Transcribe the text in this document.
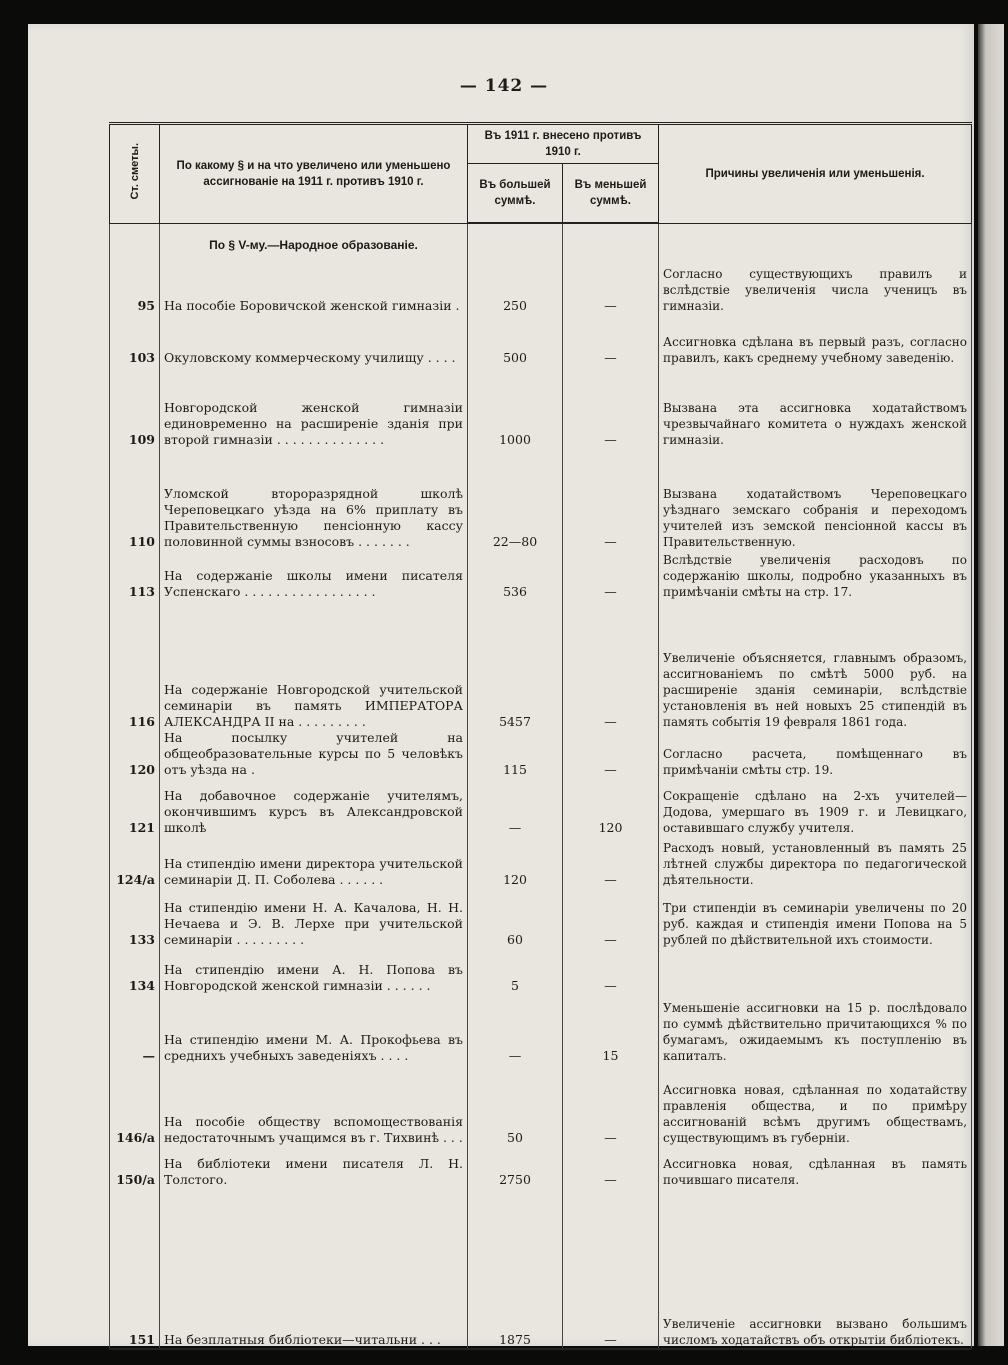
— 142 —
Ст. сметы.	По какому § и на что увеличено или уменьшено ассигнованіе на 1911 г. противъ 1910 г.	Въ 1911 г. внесено противъ 1910 г.		Причины увеличенія или уменьшенія.
		Въ большей суммѣ.	Въ меньшей суммѣ.	
	По § V-му.—Народное образованіе.			
95	На пособіе Боровичской женской гимназіи .	250	—	Согласно существующихъ правилъ и вслѣдствіе увеличенія числа ученицъ въ гимназіи.
103	Окуловскому коммерческому училищу . . . .	500	—	Ассигновка сдѣлана въ первый разъ, согласно правилъ, какъ среднему учебному заведенію.
109	Новгородской женской гимназіи единовременно на расширеніе зданія при второй гимназіи . . . . . . . . . . . . . .	1000	—	Вызвана эта ассигновка ходатайствомъ чрезвычайнаго комитета о нуждахъ женской гимназіи.
110	Уломской второразрядной школѣ Череповецкаго уѣзда на 6% приплату въ Правительственную пенсіонную кассу половинной суммы взносовъ . . . . . . .	22—80	—	Вызвана ходатайствомъ Череповецкаго уѣзднаго земскаго собранія и переходомъ учителей изъ земской пенсіонной кассы въ Правительственную.
113	На содержаніе школы имени писателя Успенскаго . . . . . . . . . . . . . . . . .	536	—	Вслѣдствіе увеличенія расходовъ по содержанію школы, подробно указанныхъ въ примѣчаніи смѣты на стр. 17.
116	На содержаніе Новгородской учительской семинаріи въ память ИМПЕРАТОРА АЛЕКСАНДРА II на . . . . . . . . .	5457	—	Увеличеніе объясняется, главнымъ образомъ, ассигнованіемъ по смѣтѣ 5000 руб. на расширеніе зданія семинаріи, вслѣдствіе установленія въ ней новыхъ 25 стипендій въ память событія 19 февраля 1861 года.
120	На посылку учителей на общеобразовательные курсы по 5 человѣкъ отъ уѣзда на .	115	—	Согласно расчета, помѣщеннаго въ примѣчаніи смѣты стр. 19.
121	На добавочное содержаніе учителямъ, окончившимъ курсъ въ Александровской школѣ	—	120	Сокращеніе сдѣлано на 2-хъ учителей—Додова, умершаго въ 1909 г. и Левицкаго, оставившаго службу учителя.
124/а	На стипендію имени директора учительской семинаріи Д. П. Соболева . . . . . .	120	—	Расходъ новый, установленный въ память 25 лѣтней службы директора по педагогической дѣятельности.
133	На стипендію имени Н. А. Качалова, Н. Н. Нечаева и Э. В. Лерхе при учительской семинаріи . . . . . . . . .	60	—	Три стипендіи въ семинаріи увеличены по 20 руб. каждая и стипендія имени Попова на 5 рублей по дѣйствительной ихъ стоимости.
134	На стипендію имени А. Н. Попова въ Новгородской женской гимназіи . . . . . .	5	—	
—	На стипендію имени М. А. Прокофьева въ среднихъ учебныхъ заведеніяхъ . . . .	—	15	Уменьшеніе ассигновки на 15 р. послѣдовало по суммѣ дѣйствительно причитающихся % по бумагамъ, ожидаемымъ къ поступленію въ капиталъ.
146/а	На пособіе обществу вспомоществованія недостаточнымъ учащимся въ г. Тихвинѣ . . .	50	—	Ассигновка новая, сдѣланная по ходатайству правленія общества, и по примѣру ассигнованій всѣмъ другимъ обществамъ, существующимъ въ губерніи.
150/а	На библіотеки имени писателя Л. Н. Толстого.	2750	—	Ассигновка новая, сдѣланная въ память почившаго писателя.
151	На безплатныя библіотеки—читальни . . .	1875	—	Увеличеніе ассигновки вызвано большимъ числомъ ходатайствъ объ открытіи библіотекъ.
